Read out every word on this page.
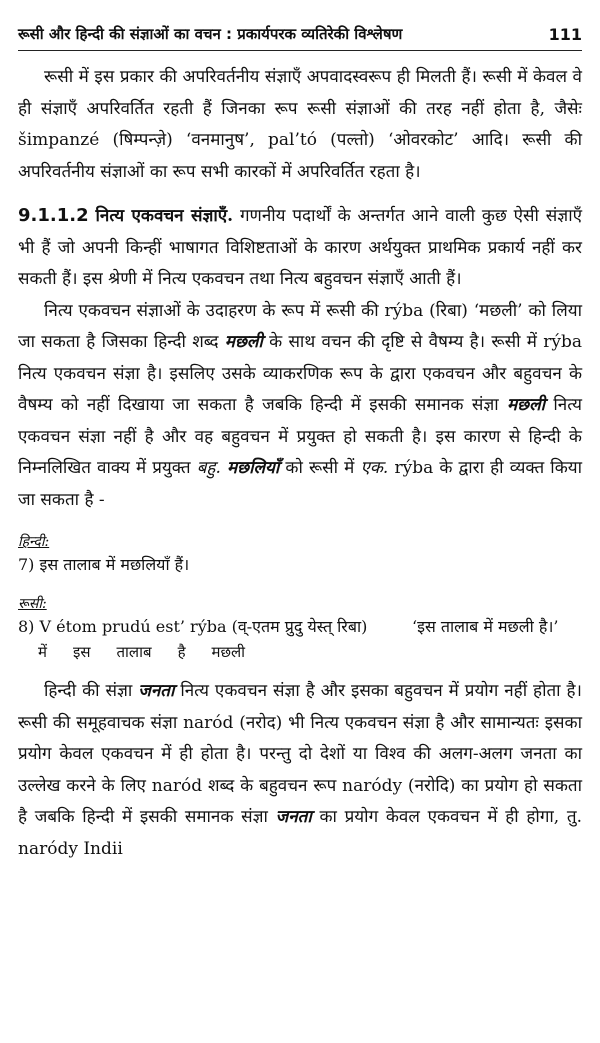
रूसी और हिन्दी की संज्ञाओं का वचन : प्रकार्यपरक व्यतिरेकी विश्लेषण	111

रूसी में इस प्रकार की अपरिवर्तनीय संज्ञाएँ अपवादस्वरूप ही मिलती हैं। रूसी में केवल वे ही संज्ञाएँ अपरिवर्तित रहती हैं जिनका रूप रूसी संज्ञाओं की तरह नहीं होता है, जैसेः šimpanzé (षिम्पन्ज़े) ‘वनमानुष’, pal’tó (पल्तो) ‘ओवरकोट’ आदि। रूसी की अपरिवर्तनीय संज्ञाओं का रूप सभी कारकों में अपरिवर्तित रहता है।

9.1.1.2 नित्य एकवचन संज्ञाएँ. गणनीय पदार्थों के अन्तर्गत आने वाली कुछ ऐसी संज्ञाएँ भी हैं जो अपनी किन्हीं भाषागत विशिष्टताओं के कारण अर्थयुक्त प्राथमिक प्रकार्य नहीं कर सकती हैं। इस श्रेणी में नित्य एकवचन तथा नित्य बहुवचन संज्ञाएँ आती हैं।

नित्य एकवचन संज्ञाओं के उदाहरण के रूप में रूसी की rýba (रिबा) ‘मछली’ को लिया जा सकता है जिसका हिन्दी शब्द मछली के साथ वचन की दृष्टि से वैषम्य है। रूसी में rýba नित्य एकवचन संज्ञा है। इसलिए उसके व्याकरणिक रूप के द्वारा एकवचन और बहुवचन के वैषम्य को नहीं दिखाया जा सकता है जबकि हिन्दी में इसकी समानक संज्ञा मछली नित्य एकवचन संज्ञा नहीं है और वह बहुवचन में प्रयुक्त हो सकती है। इस कारण से हिन्दी के निम्नलिखित वाक्य में प्रयुक्त बहु. मछलियाँ को रूसी में एक. rýba के द्वारा ही व्यक्त किया जा सकता है -

हिन्दी:
7) इस तालाब में मछलियाँ हैं।
रूसी:
8) V étom prudú est’ rýba (व्-एतम प्रुदु येस्त् रिबा)
में इस तालाब है मछली
‘इस तालाब में मछली है।’

हिन्दी की संज्ञा जनता नित्य एकवचन संज्ञा है और इसका बहुवचन में प्रयोग नहीं होता है। रूसी की समूहवाचक संज्ञा naród (नरोद) भी नित्य एकवचन संज्ञा है और सामान्यतः इसका प्रयोग केवल एकवचन में ही होता है। परन्तु दो देशों या विश्व की अलग-अलग जनता का उल्लेख करने के लिए naród शब्द के बहुवचन रूप naródy (नरोदि) का प्रयोग हो सकता है जबकि हिन्दी में इसकी समानक संज्ञा जनता का प्रयोग केवल एकवचन में ही होगा, तु. naródy Indii
